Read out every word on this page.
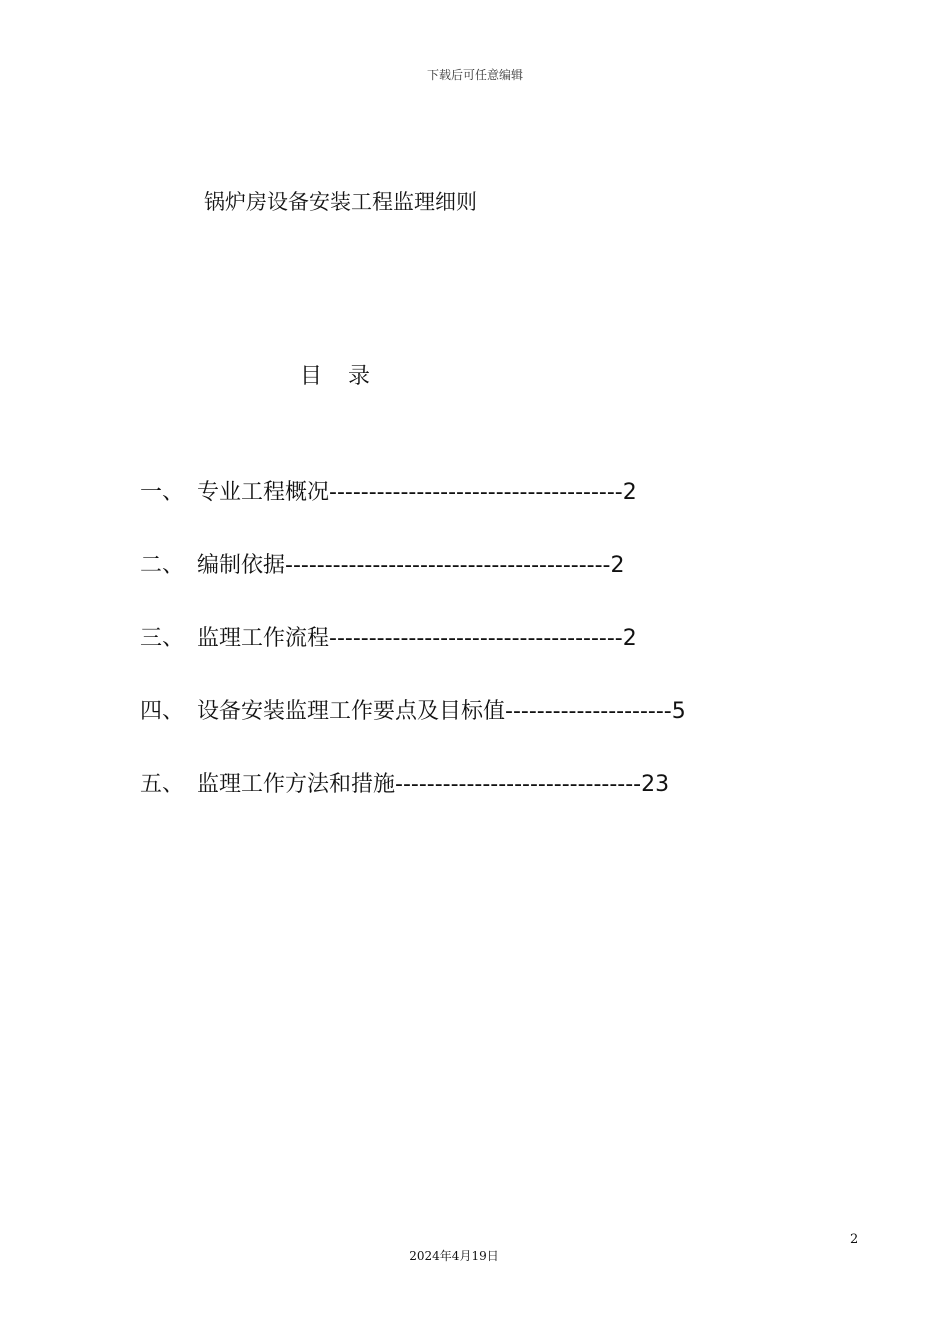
下载后可任意编辑
锅炉房设备安装工程监理细则
目 录
一、 专业工程概况 ------------------------------------- 2
二、 编制依据 ----------------------------------------- 2
三、 监理工作流程 ------------------------------------- 2
四、 设备安装监理工作要点及目标值 --------------------- 5
五、 监理工作方法和措施 ------------------------------- 23
2
2024年4月19日
